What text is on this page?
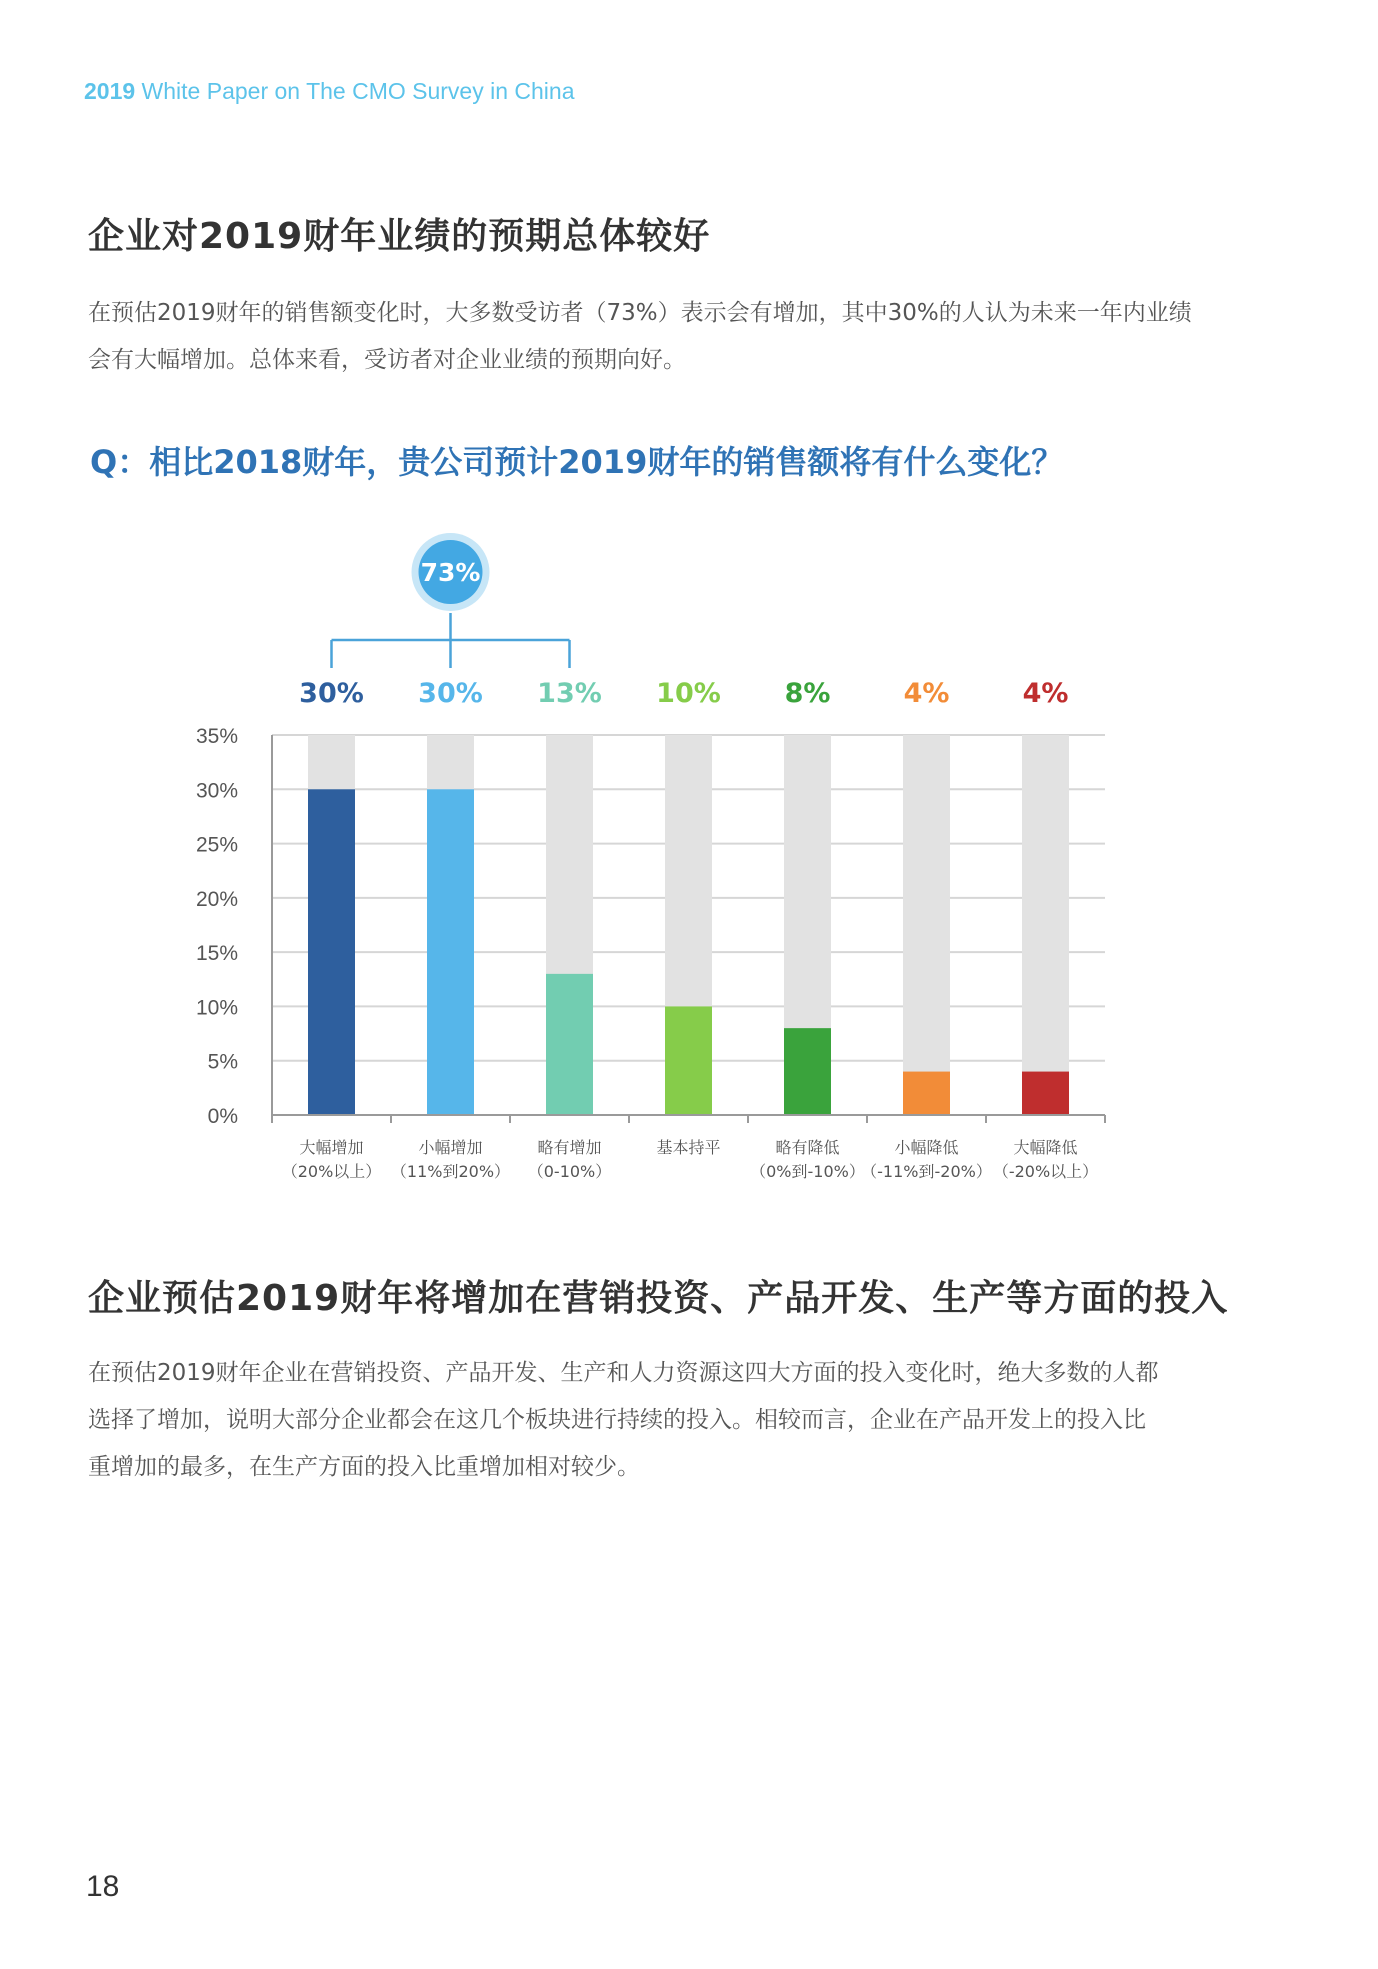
2019 White Paper on The CMO Survey in China
企业对2019财年业绩的预期总体较好
在预估2019财年的销售额变化时，大多数受访者（73%）表示会有增加，其中30%的人认为未来一年内业绩
会有大幅增加。总体来看，受访者对企业业绩的预期向好。
Q：相比2018财年，贵公司预计2019财年的销售额将有什么变化？
0%
5%
10%
15%
20%
25%
30%
35%
30% 30% 13% 10% 8%	4%	4%
大幅增加
（20%以上）
小幅增加
（11%到20%）
略有增加
（0-10%）
基本持平	略有降低
（0%到-10%）
小幅降低
（-11%到-20%）
大幅降低
（-20%以上）
73%
企业预估2019财年将增加在营销投资、产品开发、生产等方面的投入
在预估2019财年企业在营销投资、产品开发、生产和人力资源这四大方面的投入变化时，绝大多数的人都
选择了增加，说明大部分企业都会在这几个板块进行持续的投入。相较而言，企业在产品开发上的投入比
重增加的最多，在生产方面的投入比重增加相对较少。
18
